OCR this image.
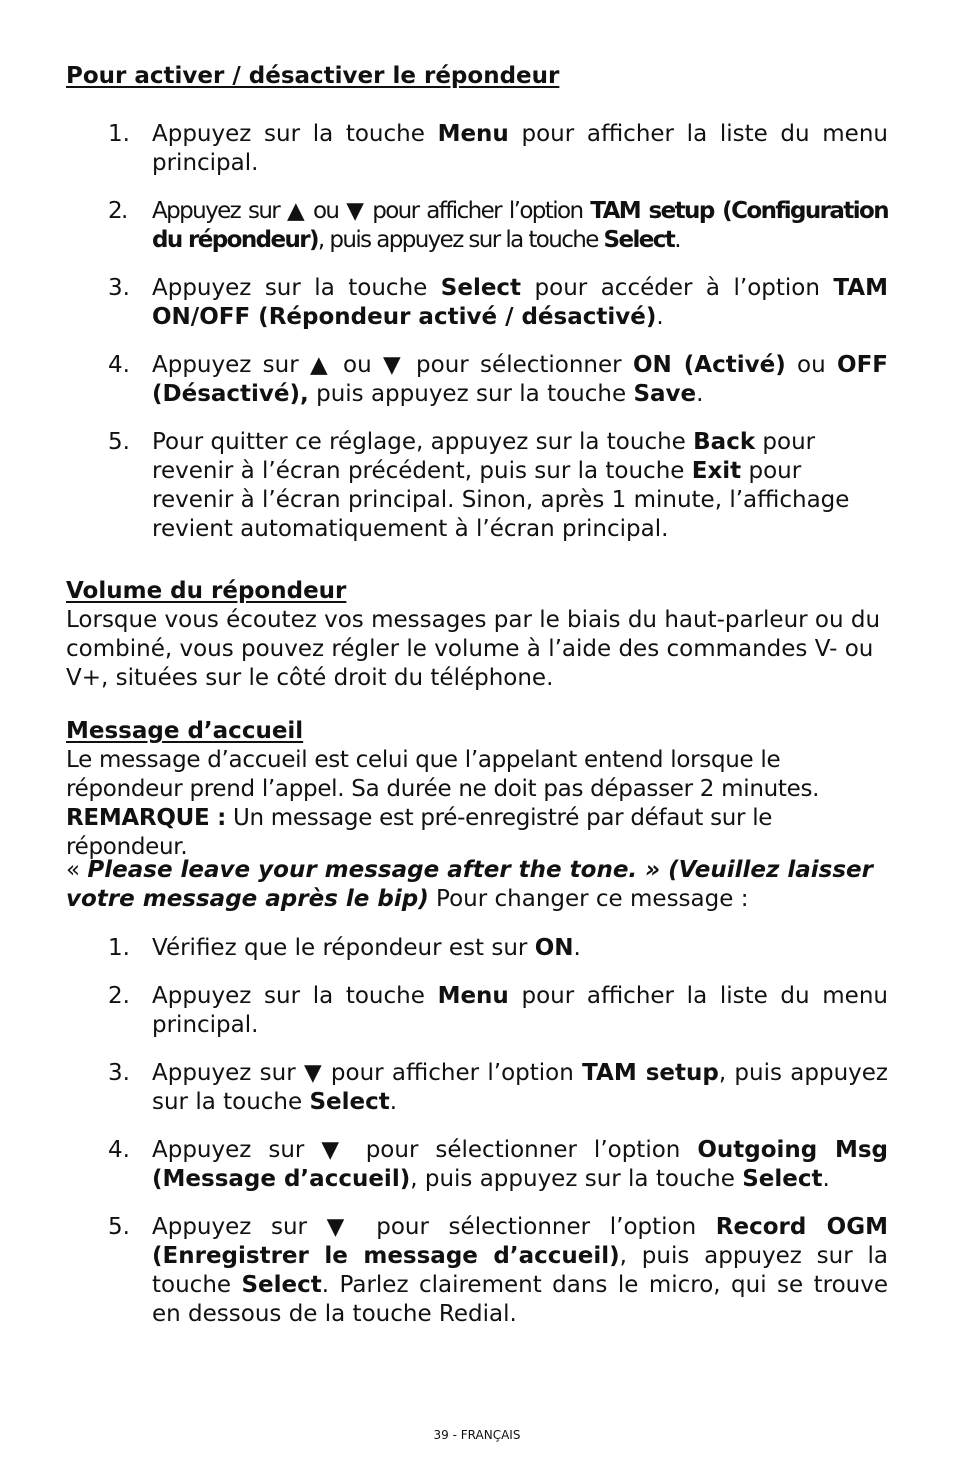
Pour activer / désactiver le répondeur
1. Appuyez sur la touche Menu pour afficher la liste du menu principal.
2. Appuyez sur ▲ ou ▼ pour afficher l’option TAM setup (Configuration du répondeur), puis appuyez sur la touche Select.
3. Appuyez sur la touche Select pour accéder à l’option TAM ON/OFF (Répondeur activé / désactivé).
4. Appuyez sur ▲ ou ▼ pour sélectionner ON (Activé) ou OFF (Désactivé), puis appuyez sur la touche Save.
5. Pour quitter ce réglage, appuyez sur la touche Back pour revenir à l’écran précédent, puis sur la touche Exit pour revenir à l’écran principal. Sinon, après 1 minute, l’affichage revient automatiquement à l’écran principal.
Volume du répondeur

Lorsque vous écoutez vos messages par le biais du haut-parleur ou du combiné, vous pouvez régler le volume à l’aide des commandes V- ou V+, situées sur le côté droit du téléphone.

Message d’accueil

Le message d’accueil est celui que l’appelant entend lorsque le répondeur prend l’appel. Sa durée ne doit pas dépasser 2 minutes. REMARQUE : Un message est pré-enregistré par défaut sur le répondeur.

« Please leave your message after the tone. » (Veuillez laisser votre message après le bip) Pour changer ce message :

1. Vérifiez que le répondeur est sur ON.
2. Appuyez sur la touche Menu pour afficher la liste du menu principal.
3. Appuyez sur ▼ pour afficher l’option TAM setup, puis appuyez sur la touche Select.
4. Appuyez sur ▼ pour sélectionner l’option Outgoing Msg (Message d’accueil), puis appuyez sur la touche Select.
5. Appuyez sur ▼ pour sélectionner l’option Record OGM (Enregistrer le message d’accueil), puis appuyez sur la touche Select. Parlez clairement dans le micro, qui se trouve en dessous de la touche Redial.
39 - FRANÇAIS
